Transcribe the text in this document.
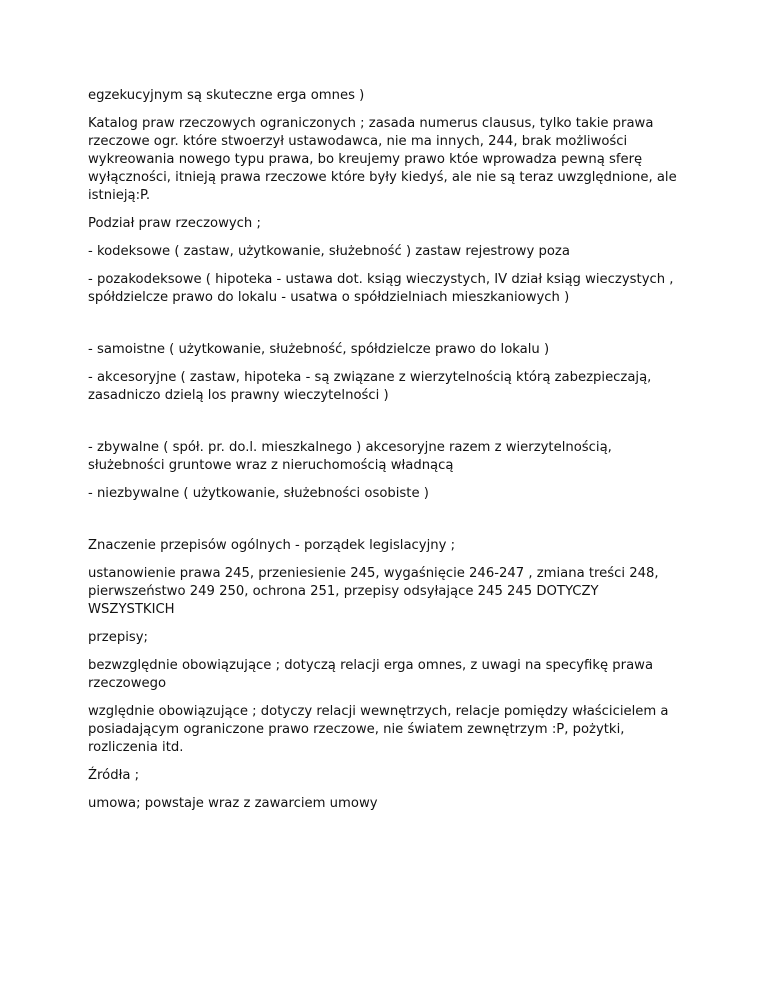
egzekucyjnym są skuteczne erga omnes )

Katalog praw rzeczowych ograniczonych ; zasada numerus clausus, tylko takie prawa rzeczowe ogr. które stwoerzył ustawodawca, nie ma innych, 244, brak możliwości wykreowania nowego typu prawa, bo kreujemy prawo któe wprowadza pewną sferę wyłączności, itnieją prawa rzeczowe które były kiedyś, ale nie są teraz uwzględnione, ale istnieją:P.

Podział praw rzeczowych ;

- kodeksowe ( zastaw, użytkowanie, służebność ) zastaw rejestrowy poza

- pozakodeksowe ( hipoteka - ustawa dot. ksiąg wieczystych, IV dział ksiąg wieczystych , spółdzielcze prawo do lokalu - usatwa o spółdzielniach mieszkaniowych )

- samoistne ( użytkowanie, służebność, spółdzielcze prawo do lokalu )

- akcesoryjne ( zastaw, hipoteka - są związane z wierzytelnością którą zabezpieczają, zasadniczo dzielą los prawny wieczytelności )

- zbywalne ( spół. pr. do.l. mieszkalnego ) akcesoryjne razem z wierzytelnością, służebności gruntowe wraz z nieruchomością władnącą

- niezbywalne ( użytkowanie, służebności osobiste )

Znaczenie przepisów ogólnych - porządek legislacyjny ;

ustanowienie prawa 245, przeniesienie 245, wygaśnięcie 246-247 , zmiana treści 248, pierwszeństwo 249 250, ochrona 251, przepisy odsyłające 245 245 DOTYCZY WSZYSTKICH

przepisy;

bezwzględnie obowiązujące ; dotyczą relacji erga omnes, z uwagi na specyfikę prawa rzeczowego

względnie obowiązujące ; dotyczy relacji wewnętrzych, relacje pomiędzy właścicielem a posiadającym ograniczone prawo rzeczowe, nie światem zewnętrzym :P, pożytki, rozliczenia itd.

Źródła ;

umowa; powstaje wraz z zawarciem umowy
